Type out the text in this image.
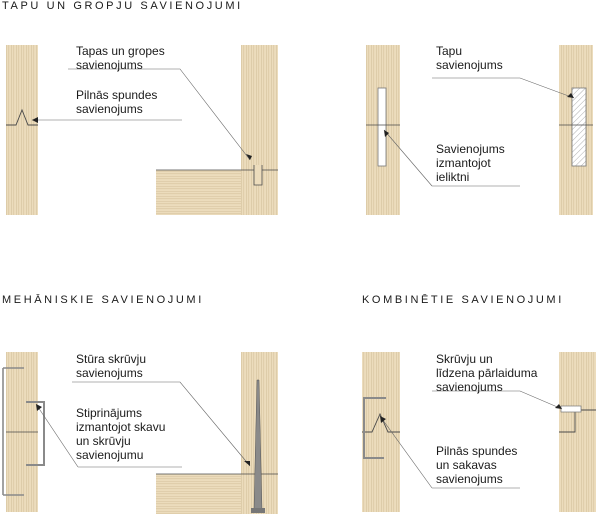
TAPU UN GROPJU SAVIENOJUMI
MEHĀNISKIE SAVIENOJUMI	KOMBINĒTIE SAVIENOJUMI
Tapas un gropes
savienojums
Pilnās spundes
savienojums
Tapu
savienojums
Savienojums
izmantojot
ieliktni
Stūra skrūvju
savienojums
Stiprinājums
izmantojot skavu
un skrūvju
savienojumu
Skrūvju un
līdzena pārlaiduma
savienojums
Pilnās spundes
un sakavas
savienojums
